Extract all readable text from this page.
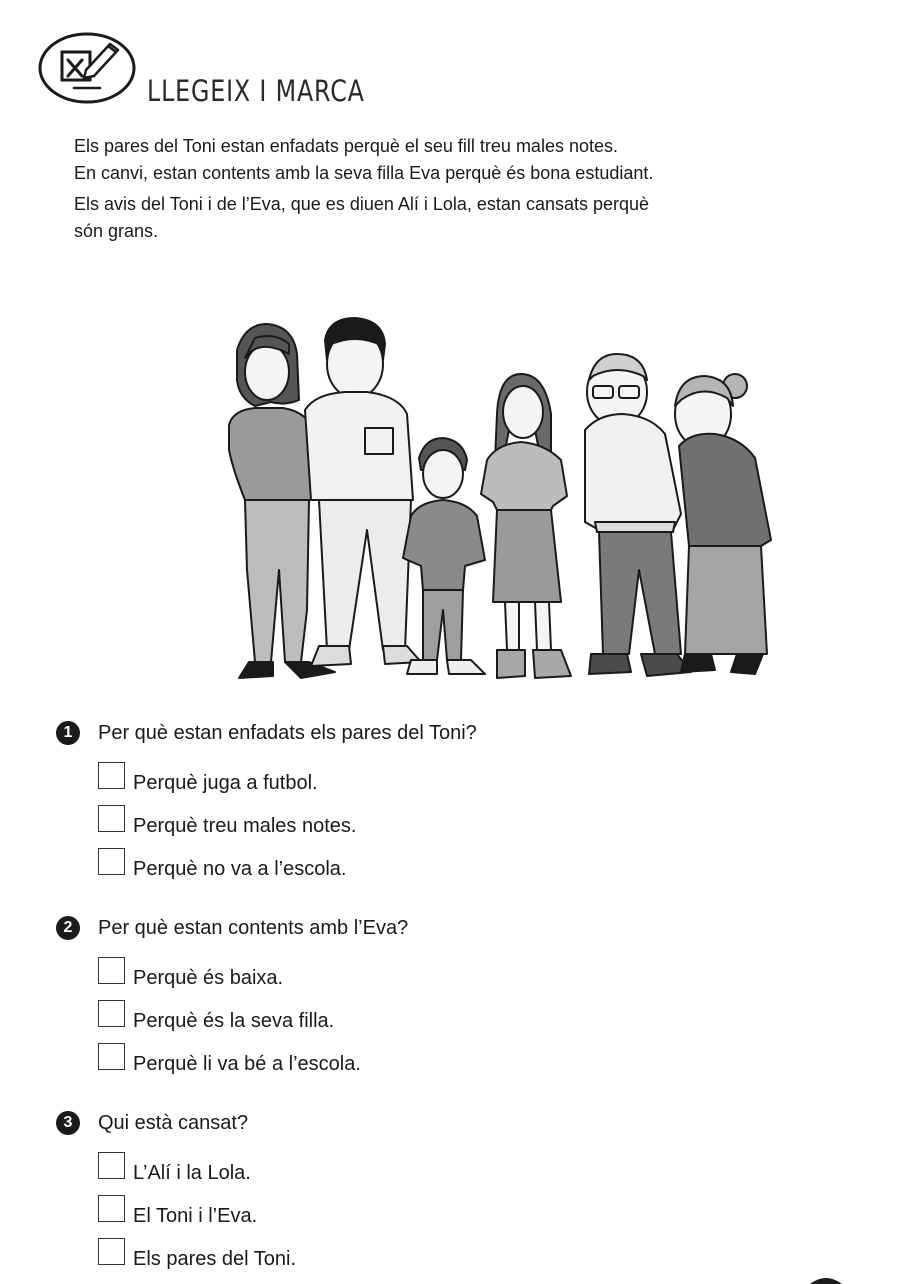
LLEGEIX I MARCA

Els pares del Toni estan enfadats perquè el seu fill treu males notes.

En canvi, estan contents amb la seva filla Eva perquè és bona estudiant.

Els avis del Toni i de l’Eva, que es diuen Alí i Lola, estan cansats perquè

són grans.

1	Per què estan enfadats els pares del Toni?
Perquè juga a futbol.
Perquè treu males notes.
Perquè no va a l’escola.
2	Per què estan contents amb l’Eva?
Perquè és baixa.
Perquè és la seva filla.
Perquè li va bé a l’escola.
3	Qui està cansat?
L’Alí i la Lola.
El Toni i l’Eva.
Els pares del Toni.
